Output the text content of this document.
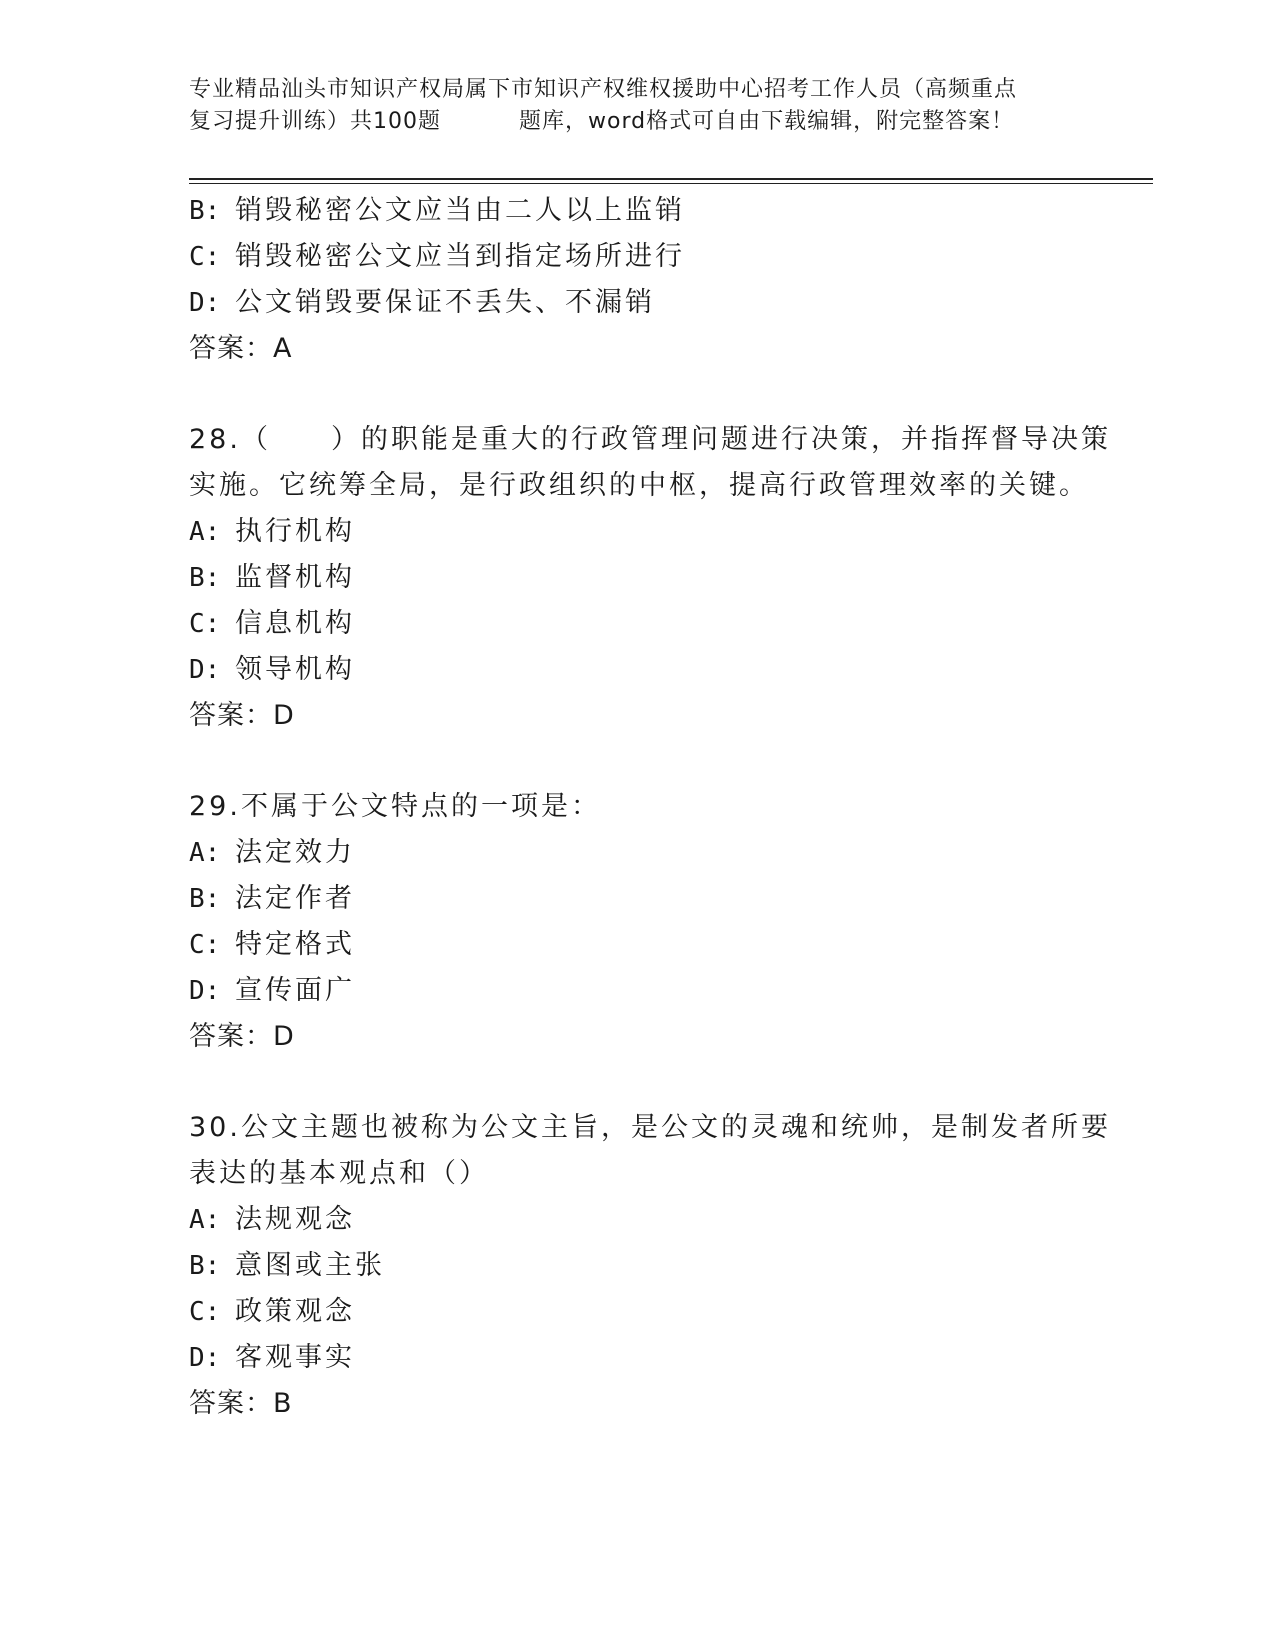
专业精品汕头市知识产权局属下市知识产权维权援助中心招考工作人员（高频重点
复习提升训练）共100题	题库，word格式可自由下载编辑，附完整答案！
B: 销毁秘密公文应当由二人以上监销
C: 销毁秘密公文应当到指定场所进行
D: 公文销毁要保证不丢失、不漏销
答案：A
28.（　　）的职能是重大的行政管理问题进行决策，并指挥督导决策
实施。它统筹全局，是行政组织的中枢，提高行政管理效率的关键。
A: 执行机构
B: 监督机构
C: 信息机构
D: 领导机构
答案：D
29.不属于公文特点的一项是：
A: 法定效力
B: 法定作者
C: 特定格式
D: 宣传面广
答案：D
30.公文主题也被称为公文主旨，是公文的灵魂和统帅，是制发者所要
表达的基本观点和（）
A: 法规观念
B: 意图或主张
C: 政策观念
D: 客观事实
答案：B
